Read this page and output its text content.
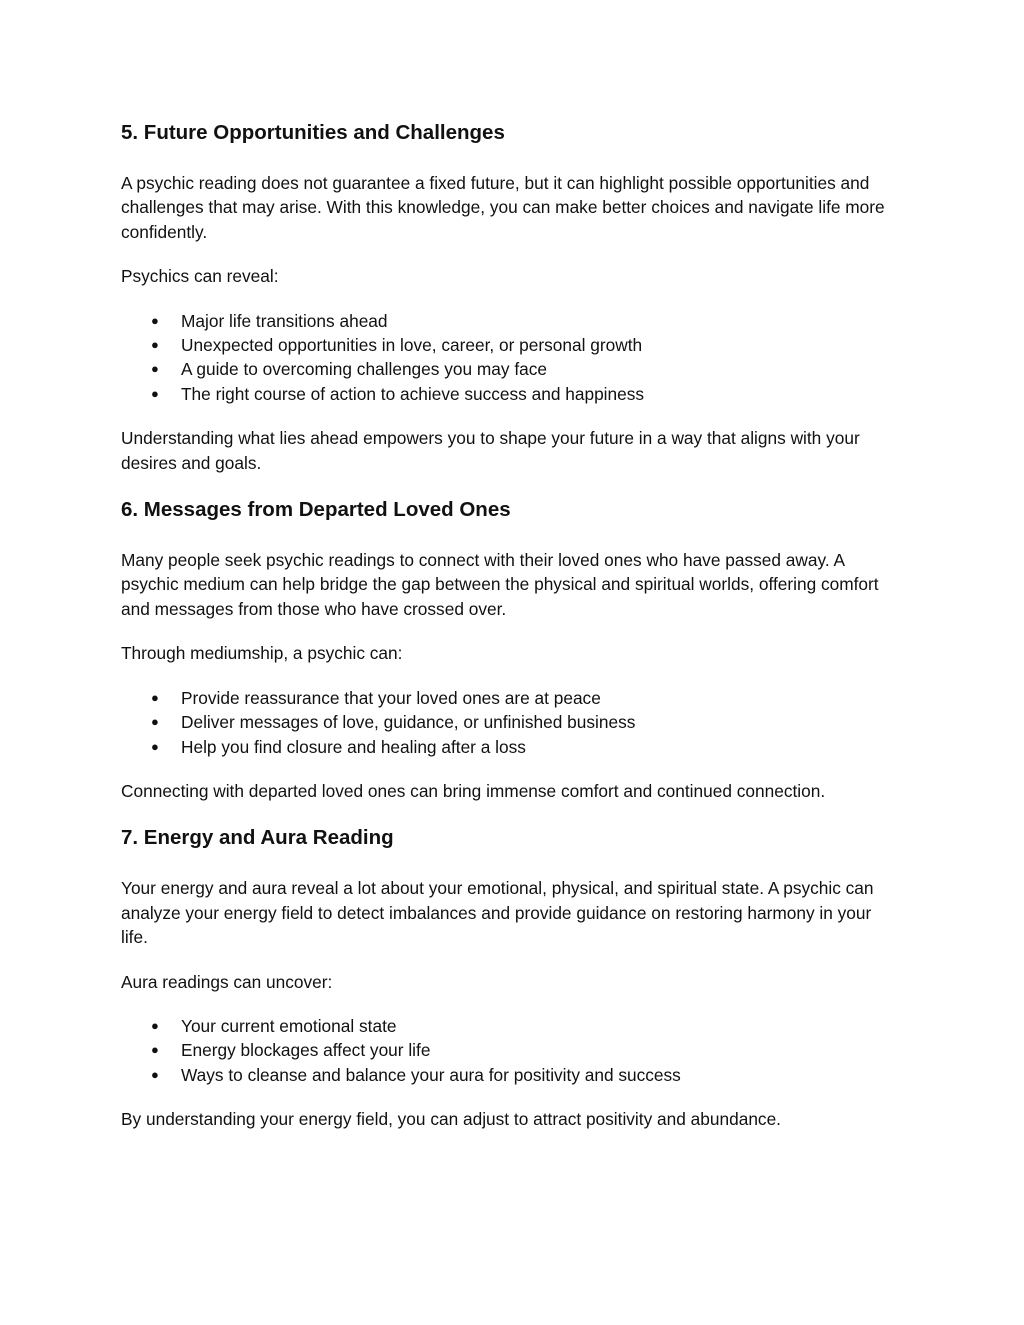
5. Future Opportunities and Challenges

A psychic reading does not guarantee a fixed future, but it can highlight possible opportunities and challenges that may arise. With this knowledge, you can make better choices and navigate life more confidently.

Psychics can reveal:

● Major life transitions ahead
● Unexpected opportunities in love, career, or personal growth
● A guide to overcoming challenges you may face
● The right course of action to achieve success and happiness

Understanding what lies ahead empowers you to shape your future in a way that aligns with your desires and goals.

6. Messages from Departed Loved Ones

Many people seek psychic readings to connect with their loved ones who have passed away. A psychic medium can help bridge the gap between the physical and spiritual worlds, offering comfort and messages from those who have crossed over.

Through mediumship, a psychic can:

● Provide reassurance that your loved ones are at peace
● Deliver messages of love, guidance, or unfinished business
● Help you find closure and healing after a loss

Connecting with departed loved ones can bring immense comfort and continued connection.

7. Energy and Aura Reading

Your energy and aura reveal a lot about your emotional, physical, and spiritual state. A psychic can analyze your energy field to detect imbalances and provide guidance on restoring harmony in your life.

Aura readings can uncover:

● Your current emotional state
● Energy blockages affect your life
● Ways to cleanse and balance your aura for positivity and success

By understanding your energy field, you can adjust to attract positivity and abundance.
